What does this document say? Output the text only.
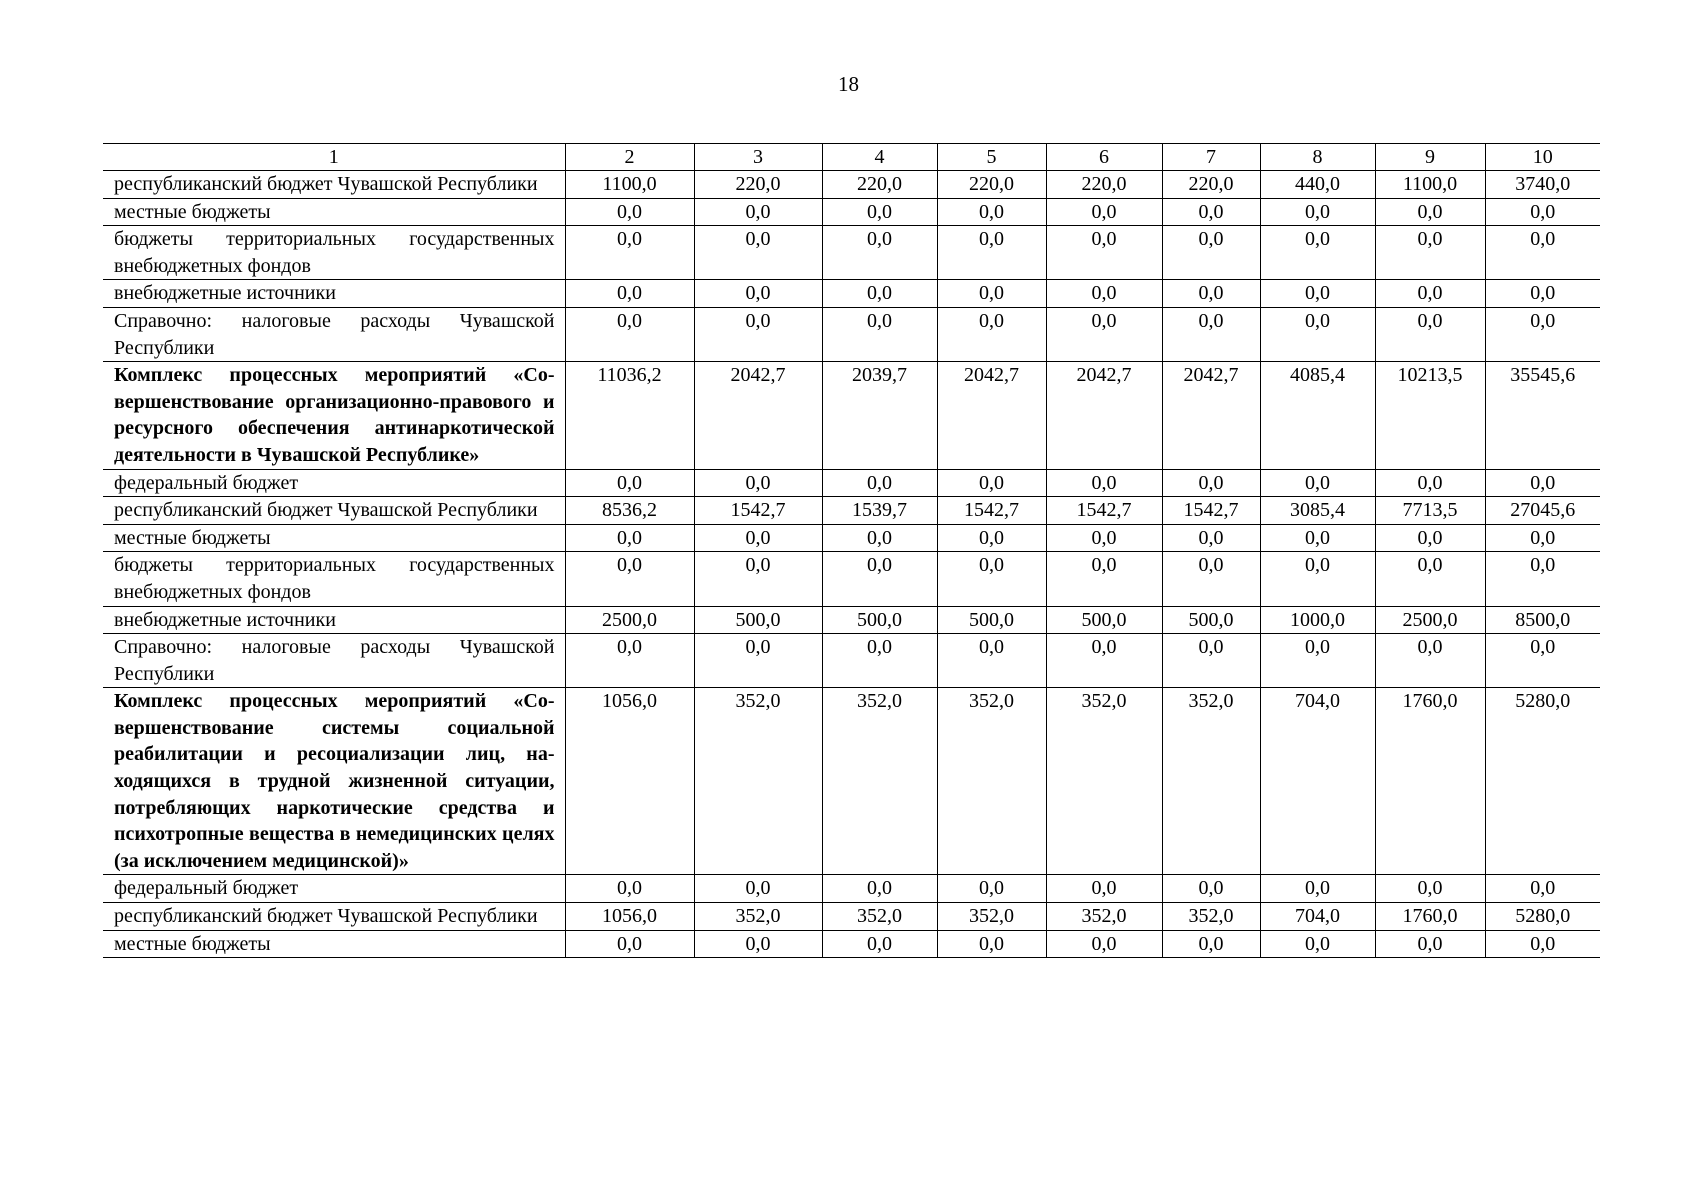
18
1	2	3	4	5	6	7	8	9	10
республиканский бюджет Чувашской Республики	1100,0	220,0	220,0	220,0	220,0	220,0	440,0	1100,0	3740,0
местные бюджеты	0,0	0,0	0,0	0,0	0,0	0,0	0,0	0,0	0,0
бюджеты территориальных государственных внебюджетных фондов	0,0	0,0	0,0	0,0	0,0	0,0	0,0	0,0	0,0
внебюджетные источники	0,0	0,0	0,0	0,0	0,0	0,0	0,0	0,0	0,0
Справочно: налоговые расходы Чувашской Республики	0,0	0,0	0,0	0,0	0,0	0,0	0,0	0,0	0,0
Комплекс процессных мероприятий «Совершенствование организационно-правового и ресурсного обеспечения антинаркотической деятельности в Чувашской Республике»	11036,2	2042,7	2039,7	2042,7	2042,7	2042,7	4085,4	10213,5	35545,6
федеральный бюджет	0,0	0,0	0,0	0,0	0,0	0,0	0,0	0,0	0,0
республиканский бюджет Чувашской Республики	8536,2	1542,7	1539,7	1542,7	1542,7	1542,7	3085,4	7713,5	27045,6
местные бюджеты	0,0	0,0	0,0	0,0	0,0	0,0	0,0	0,0	0,0
бюджеты территориальных государственных внебюджетных фондов	0,0	0,0	0,0	0,0	0,0	0,0	0,0	0,0	0,0
внебюджетные источники	2500,0	500,0	500,0	500,0	500,0	500,0	1000,0	2500,0	8500,0
Справочно: налоговые расходы Чувашской Республики	0,0	0,0	0,0	0,0	0,0	0,0	0,0	0,0	0,0
Комплекс процессных мероприятий «Совершенствование системы социальной реабилитации и ресоциализации лиц, находящихся в трудной жизненной ситуации, потребляющих наркотические средства и психотропные вещества в немедицинских целях (за исключением медицинской)»	1056,0	352,0	352,0	352,0	352,0	352,0	704,0	1760,0	5280,0
федеральный бюджет	0,0	0,0	0,0	0,0	0,0	0,0	0,0	0,0	0,0
республиканский бюджет Чувашской Республики	1056,0	352,0	352,0	352,0	352,0	352,0	704,0	1760,0	5280,0
местные бюджеты	0,0	0,0	0,0	0,0	0,0	0,0	0,0	0,0	0,0
